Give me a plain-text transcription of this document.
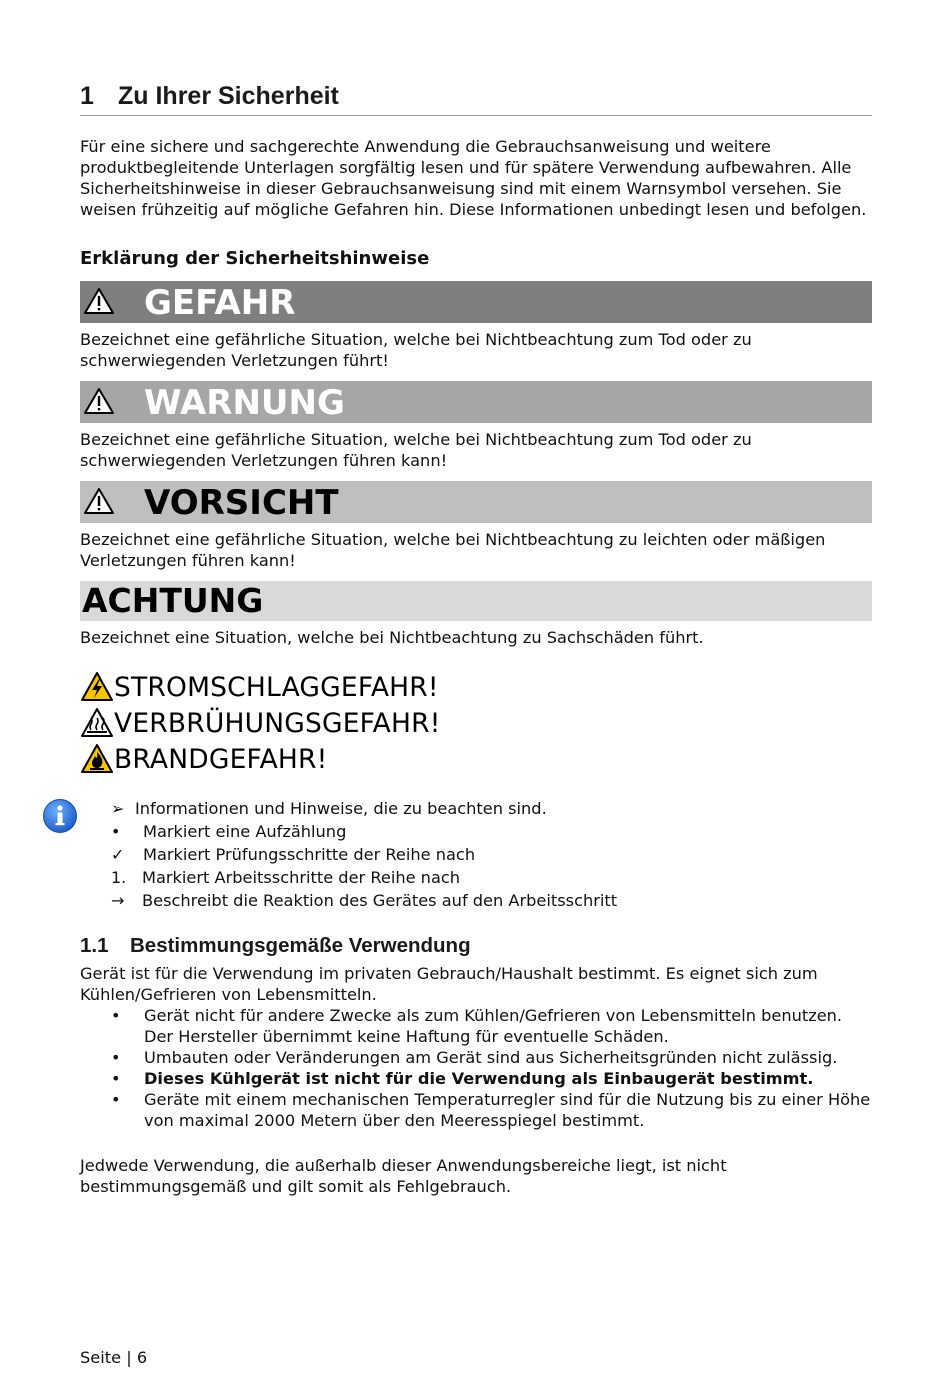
1 Zu Ihrer Sicherheit

Für eine sichere und sachgerechte Anwendung die Gebrauchsanweisung und weitere produktbegleitende Unterlagen sorgfältig lesen und für spätere Verwendung aufbewahren. Alle Sicherheitshinweise in dieser Gebrauchsanweisung sind mit einem Warnsymbol versehen. Sie weisen frühzeitig auf mögliche Gefahren hin. Diese Informationen unbedingt lesen und befolgen.

Erklärung der Sicherheitshinweise
GEFAHR

Bezeichnet eine gefährliche Situation, welche bei Nichtbeachtung zum Tod oder zu schwerwiegenden Verletzungen führt!

WARNUNG

Bezeichnet eine gefährliche Situation, welche bei Nichtbeachtung zum Tod oder zu schwerwiegenden Verletzungen führen kann!

VORSICHT

Bezeichnet eine gefährliche Situation, welche bei Nichtbeachtung zu leichten oder mäßigen Verletzungen führen kann!

ACHTUNG

Bezeichnet eine Situation, welche bei Nichtbeachtung zu Sachschäden führt.

STROMSCHLAGGEFAHR!
VERBRÜHUNGSGEFAHR!
BRANDGEFAHR!
➢ Informationen und Hinweise, die zu beachten sind.
•	Markiert eine Aufzählung
✓	Markiert Prüfungsschritte der Reihe nach
1. Markiert Arbeitsschritte der Reihe nach
→	Beschreibt die Reaktion des Gerätes auf den Arbeitsschritt
1.1 Bestimmungsgemäße Verwendung

Gerät ist für die Verwendung im privaten Gebrauch/Haushalt bestimmt. Es eignet sich zum Kühlen/Gefrieren von Lebensmitteln.

•	Gerät nicht für andere Zwecke als zum Kühlen/Gefrieren von Lebensmitteln benutzen. Der Hersteller übernimmt keine Haftung für eventuelle Schäden.
•	Umbauten oder Veränderungen am Gerät sind aus Sicherheitsgründen nicht zulässig.
•	Dieses Kühlgerät ist nicht für die Verwendung als Einbaugerät bestimmt.
•	Geräte mit einem mechanischen Temperaturregler sind für die Nutzung bis zu einer Höhe von maximal 2000 Metern über den Meeresspiegel bestimmt.

Jedwede Verwendung, die außerhalb dieser Anwendungsbereiche liegt, ist nicht bestimmungsgemäß und gilt somit als Fehlgebrauch.

Seite | 6
